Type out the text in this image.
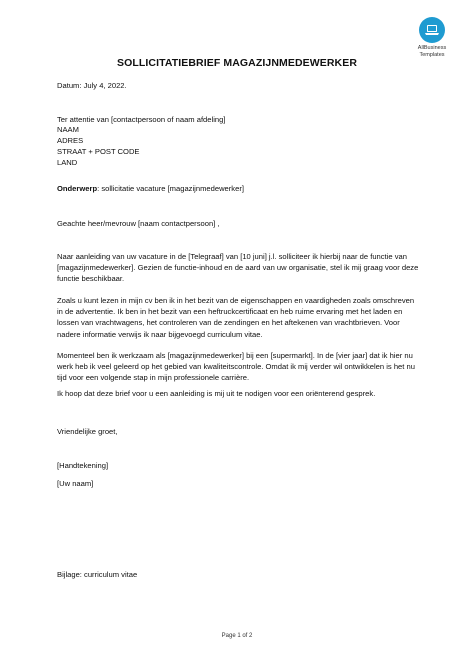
AllBusiness
Templates
SOLLICITATIEBRIEF MAGAZIJNMEDEWERKER
Datum: July 4, 2022.
Ter attentie van [contactpersoon of naam afdeling]
NAAM
ADRES
STRAAT + POST CODE
LAND
Onderwerp: sollicitatie vacature [magazijnmedewerker]
Geachte heer/mevrouw [naam contactpersoon] ,
Naar aanleiding van uw vacature in de [Telegraaf] van [10 juni] j.l. solliciteer ik hierbij naar de functie van [magazijnmedewerker]. Gezien de functie-inhoud en de aard van uw organisatie, stel ik mij graag voor deze functie beschikbaar.
Zoals u kunt lezen in mijn cv ben ik in het bezit van de eigenschappen en vaardigheden zoals omschreven in de advertentie. Ik ben in het bezit van een heftruckcertificaat en heb ruime ervaring met het laden en lossen van vrachtwagens, het controleren van de zendingen en het aftekenen van vrachtbrieven. Voor nadere informatie verwijs ik naar bijgevoegd curriculum vitae.
Momenteel ben ik werkzaam als [magazijnmedewerker] bij een [supermarkt]. In de [vier jaar] dat ik hier nu werk heb ik veel geleerd op het gebied van kwaliteitscontrole. Omdat ik mij verder wil ontwikkelen is het nu tijd voor een volgende stap in mijn professionele carrière.
Ik hoop dat deze brief voor u een aanleiding is mij uit te nodigen voor een oriënterend gesprek.
Vriendelijke groet,
[Handtekening]
[Uw naam]
Bijlage: curriculum vitae
Page 1 of 2
